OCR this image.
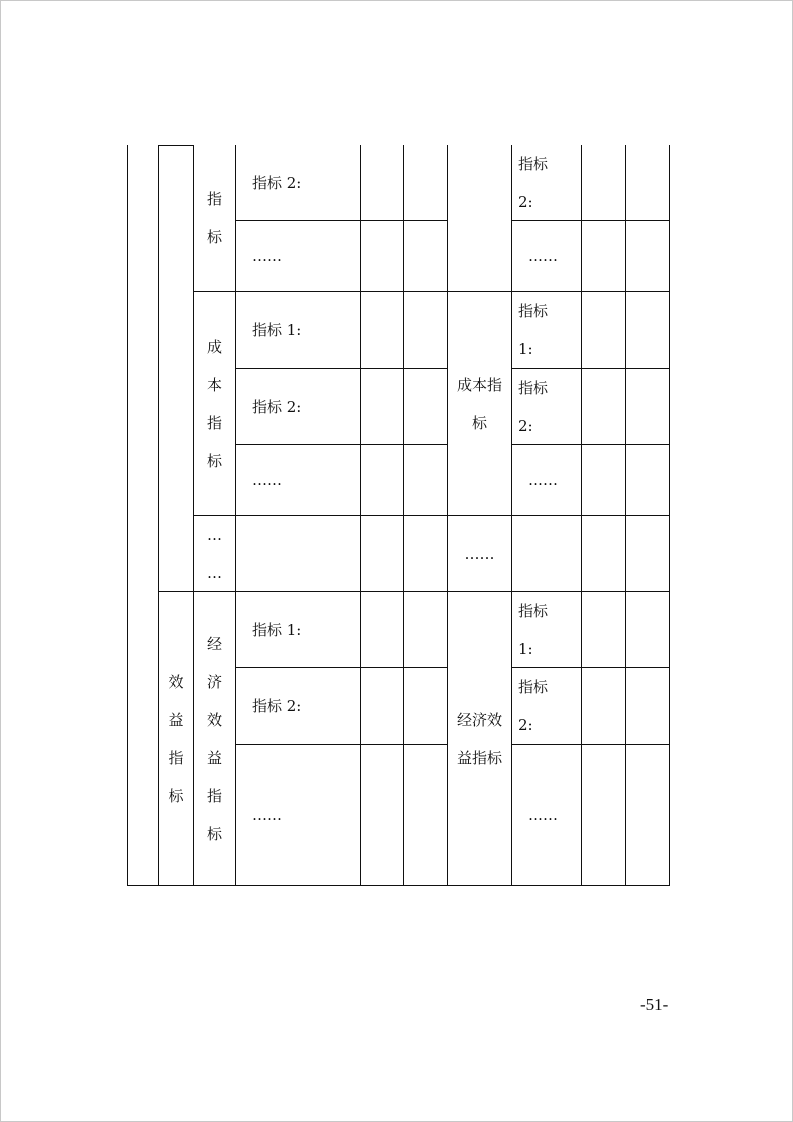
指
标
成
本
指
标
…
…
经
济
效
益
指
标
效
益
指
标
指标 2:
……
指标 1:
指标 2:
……
指标 1:
指标 2:
……
成本指标
……
经济效益指标
指标2:
……
指标1:
指标2:
……
指标1:
指标2:
……
-51-
